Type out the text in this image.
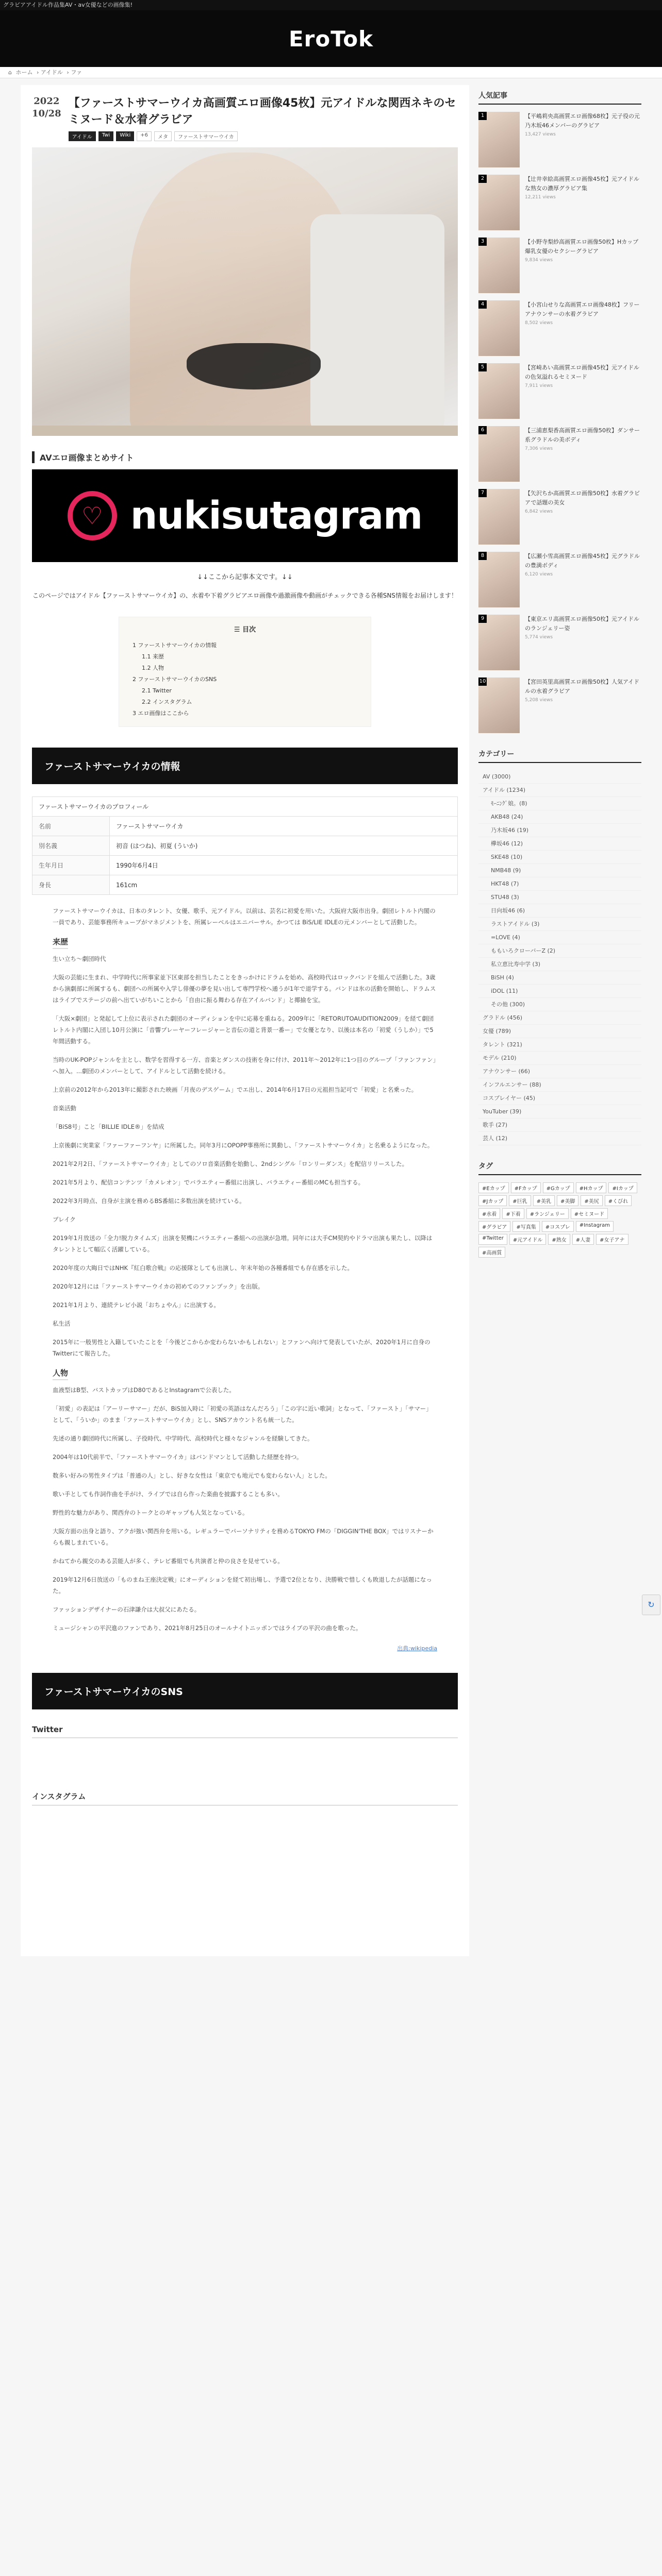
グラビアアイドル作品集AV・av女優などの画像集!
EroTok
⌂ ホーム › アイドル › ファ
2022
10/28
【ファーストサマーウイカ高画質エロ画像45枚】元アイドルな関西ネキのセミヌード＆水着グラビア
アイドル	Twi	Wiki	+6	メタ	ファーストサマーウイカ
AVエロ画像まとめサイト
♡ nukisutagram
↓↓ここから記事本文です。↓↓

このページではアイドル【ファーストサマーウイカ】の、水着や下着グラビアエロ画像や過激画像や動画がチェックできる各種SNS情報をお届けします！

☰ 目次
1 ファーストサマーウイカの情報
1.1 来歴
1.2 人物
2 ファーストサマーウイカのSNS
2.1 Twitter
2.2 インスタグラム
3 エロ画像はここから
ファーストサマーウイカの情報
ファーストサマーウイカのプロフィール
名前	ファーストサマーウイカ
別名義	初音 (はつね)、初夏 (ういか)
生年月日	1990年6月4日
身長	161cm

ファーストサマーウイカは、日本のタレント、女優、歌手、元アイドル。以前は、芸名に初愛を用いた。大阪府大阪市出身。劇団レトルト内閣の一員であり、芸能事務所キューブがマネジメントを、所属レーベルはエニバーサル。かつては BiS/LIE IDLEの元メンバーとして活動した。

来歴

生い立ち〜劇団時代

大阪の芸能に生まれ、中学時代に所事家並下区東部を担当したことをきっかけにドラムを始め、高校時代はロックバンドを組んで活動した。3歳から演劇部に所属するも、劇団への所属や入学し俳優の夢を見い出して専門学校へ通うが1年で退学する。バンドは氷の活動を開始し、ドラムスはライブでステージの前へ出ていがちいことから「自由に振る舞わる存在アイルバンド」と揶揄を宝。

「大阪×劇団」と発起して上位に表示された劇団のオーディションを中に応募を重ねる。2009年に「RETORUTOAUDITION2009」を経て劇団レトルト内閣に入団し10月公演に「音響プレーヤーフレージャーと音伝の道と背景一番ー」で女優となり、以後は本名の「初愛（うしか）」で5年間活動する。

当時のUK-POPジャンルを主とし、数学を習得する一方、音楽とダンスの技術を身に付け、2011年〜2012年に1つ目のグループ「ファンファン」へ加入。...劇団のメンバーとして、アイドルとして活動を続ける。

上京前の2012年から2013年に撮影された映画「月夜のデスゲーム」でエ出し、2014年6月17日の元祖担当記可で「初愛」と名乗った。

音楽活動

「BiS8号」こと「BILLIE IDLE®」を結成

上京後劇に実業家「ファーファーフンヤ」に所属した。同年3月にOPOPP事務所に異動し、「ファーストサマーウイカ」と名乗るようになった。

2021年2月2日、「ファーストサマーウイカ」としてのソロ音楽活動を始動し、2ndシングル「ロンリーダンス」を配信リリースした。

2021年5月より、配信コンテンツ「カメレオン」でバラエティー番組に出演し、バラエティー番組のMCも担当する。

2022年3月時点、自身が主演を務めるBS番組に多数出演を続けている。

ブレイク

2019年1月放送の「全力!脱力タイムズ」出演を契機にバラエティー番組への出演が急増。同年には大手CM契約やドラマ出演も果たし、以降はタレントとして幅広く活躍している。

2020年度の大晦日ではNHK『紅白歌合戦』の応援隊としても出演し、年末年始の各種番組でも存在感を示した。

2020年12月には「ファーストサマーウイカの初めてのファンブック」を出版。

2021年1月より、連続テレビ小説「おちょやん」に出演する。

私生活

2015年に一般男性と入籍していたことを「今後どこからか変わらないかもしれない」とファンへ向けて発表していたが、2020年1月に自身のTwitterにて報告した。

人物

血液型はB型、バストカップはD80であるとInstagramで公表した。

「初愛」の表記は「アーリーサマー」だが、BiS加入時に「初愛の英語はなんだろう」「この字に近い歌詞」となって、「ファースト」「サマー」として、「ういか」のまま「ファーストサマーウイカ」とし、SNSアカウント名も統一した。

先述の通り劇団時代に所属し、子役時代、中学時代、高校時代と様々なジャンルを経験してきた。

2004年は10代前半で、「ファーストサマーウイカ」はバンドマンとして活動した経歴を持つ。

数多い好みの男性タイプは「普通の人」とし、好きな女性は「東京でも地元でも変わらない人」とした。

歌い手としても作詞作曲を手がけ、ライブでは自ら作った楽曲を披露することも多い。

野性的な魅力があり、関西弁のトークとのギャップも人気となっている。

大阪方面の出身と語り、アクが強い関西弁を用いる。レギュラーでパーソナリティを務めるTOKYO FMの「DIGGIN'THE BOX」ではリスナーからも親しまれている。

かねてから親交のある芸能人が多く、テレビ番組でも共演者と仲の良さを見せている。

2019年12月6日放送の「ものまね王座決定戦」にオーディションを経て初出場し、予選で2位となり、決勝戦で惜しくも敗退したが話題になった。

ファッションデザイナーの石津謙介は大叔父にあたる。

ミュージシャンの平沢進のファンであり、2021年8月25日のオールナイトニッポンではライブの平沢の曲を歌った。

出典:wikipedia
ファーストサマーウイカのSNS
Twitter
インスタグラム
人気記事
1	【平嶋莉央高画質エロ画像68枚】元子役の元乃木坂46メンバーのグラビア
13,427 views
2	【辻井幸絵高画質エロ画像45枚】元アイドルな熟女の濃厚グラビア集
12,211 views
3	【小野寺梨紗高画質エロ画像50枚】Hカップ爆乳女優のセクシーグラビア
9,834 views
4	【小宮山せりな高画質エロ画像48枚】フリーアナウンサーの水着グラビア
8,502 views
5	【宮崎あい高画質エロ画像45枚】元アイドルの色気溢れるセミヌード
7,911 views
6	【三浦恵梨香高画質エロ画像50枚】ダンサー系グラドルの美ボディ
7,306 views
7	【矢沢ちか高画質エロ画像50枚】水着グラビアで話題の美女
6,842 views
8	【広瀬小雪高画質エロ画像45枚】元グラドルの豊満ボディ
6,120 views
9	【東京エリ高画質エロ画像50枚】元アイドルのランジェリー姿
5,774 views
10	【宮田英里高画質エロ画像50枚】人気アイドルの水着グラビア
5,208 views
カテゴリー
AV (3000)
アイドル (1234)
ﾓｰﾆﾝｸﾞ娘。(8)
AKB48 (24)
乃木坂46 (19)
欅坂46 (12)
SKE48 (10)
NMB48 (9)
HKT48 (7)
STU48 (3)
日向坂46 (6)
ラストアイドル (3)
=LOVE (4)
ももいろクローバーZ (2)
私立恵比寿中学 (3)
BiSH (4)
iDOL (11)
その他 (300)
グラドル (456)
女優 (789)
タレント (321)
モデル (210)
アナウンサー (66)
インフルエンサー (88)
コスプレイヤー (45)
YouTuber (39)
歌手 (27)
芸人 (12)
タグ
#Eカップ	#Fカップ	#Gカップ	#Hカップ	#Iカップ
#Jカップ	#巨乳	#美乳	#美脚	#美尻	#くびれ
#水着	#下着	#ランジェリー	#セミヌード
#グラビア	#写真集	#コスプレ	#Instagram
#Twitter	#元アイドル	#熟女	#人妻	#女子アナ
#高画質
↻
